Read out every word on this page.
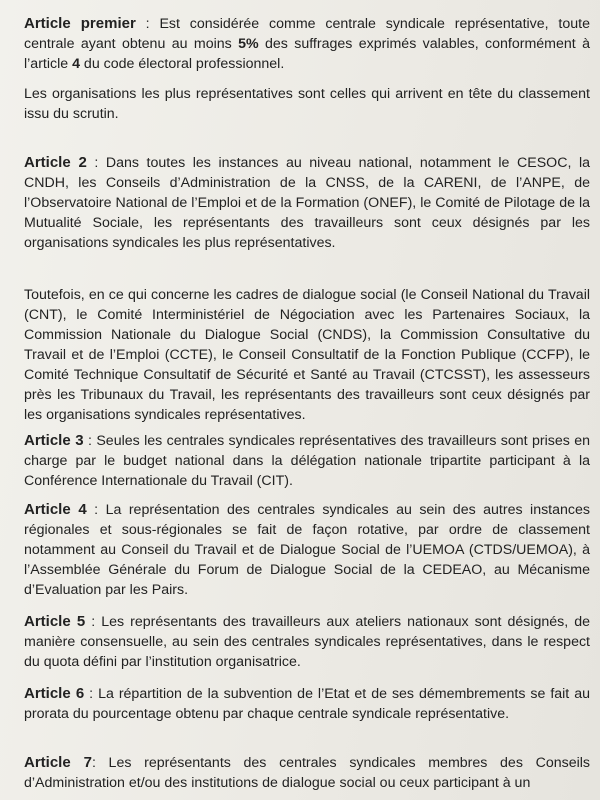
Article premier : Est considérée comme centrale syndicale représentative, toute centrale ayant obtenu au moins 5% des suffrages exprimés valables, conformément à l’article 4 du code électoral professionnel.

Les organisations les plus représentatives sont celles qui arrivent en tête du classement issu du scrutin.

Article 2 : Dans toutes les instances au niveau national, notamment le CESOC, la CNDH, les Conseils d’Administration de la CNSS, de la CARENI, de l’ANPE, de l’Observatoire National de l’Emploi et de la Formation (ONEF), le Comité de Pilotage de la Mutualité Sociale, les représentants des travailleurs sont ceux désignés par les organisations syndicales les plus représentatives.

Toutefois, en ce qui concerne les cadres de dialogue social (le Conseil National du Travail (CNT), le Comité Interministériel de Négociation avec les Partenaires Sociaux, la Commission Nationale du Dialogue Social (CNDS), la Commission Consultative du Travail et de l’Emploi (CCTE), le Conseil Consultatif de la Fonction Publique (CCFP), le Comité Technique Consultatif de Sécurité et Santé au Travail (CTCSST), les assesseurs près les Tribunaux du Travail, les représentants des travailleurs sont ceux désignés par les organisations syndicales représentatives.

Article 3 : Seules les centrales syndicales représentatives des travailleurs sont prises en charge par le budget national dans la délégation nationale tripartite participant à la Conférence Internationale du Travail (CIT).

Article 4 : La représentation des centrales syndicales au sein des autres instances régionales et sous-régionales se fait de façon rotative, par ordre de classement notamment au Conseil du Travail et de Dialogue Social de l’UEMOA (CTDS/UEMOA), à l’Assemblée Générale du Forum de Dialogue Social de la CEDEAO, au Mécanisme d’Evaluation par les Pairs.

Article 5 : Les représentants des travailleurs aux ateliers nationaux sont désignés, de manière consensuelle, au sein des centrales syndicales représentatives, dans le respect du quota défini par l’institution organisatrice.

Article 6 : La répartition de la subvention de l’Etat et de ses démembrements se fait au prorata du pourcentage obtenu par chaque centrale syndicale représentative.

Article 7: Les représentants des centrales syndicales membres des Conseils d’Administration et/ou des institutions de dialogue social ou ceux participant à un
